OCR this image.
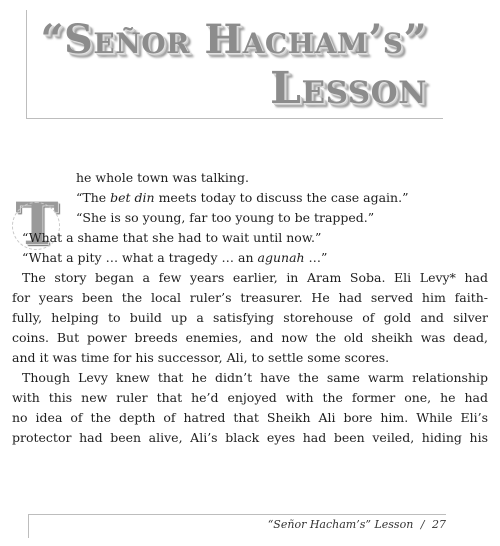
“Señor Hacham’s”
Lesson
T

he whole town was talking.

“The bet din meets today to discuss the case again.”

“She is so young, far too young to be trapped.”

“What a shame that she had to wait until now.”

“What a pity … what a tragedy … an agunah …”

The story began a few years earlier, in Aram Soba. Eli Levy* had

for years been the local ruler’s treasurer. He had served him faith-

fully, helping to build up a satisfying storehouse of gold and silver

coins. But power breeds enemies, and now the old sheikh was dead,

and it was time for his successor, Ali, to settle some scores.

Though Levy knew that he didn’t have the same warm relationship

with this new ruler that he’d enjoyed with the former one, he had

no idea of the depth of hatred that Sheikh Ali bore him. While Eli’s

protector had been alive, Ali’s black eyes had been veiled, hiding his

“Señor Hacham’s” Lesson / 27
